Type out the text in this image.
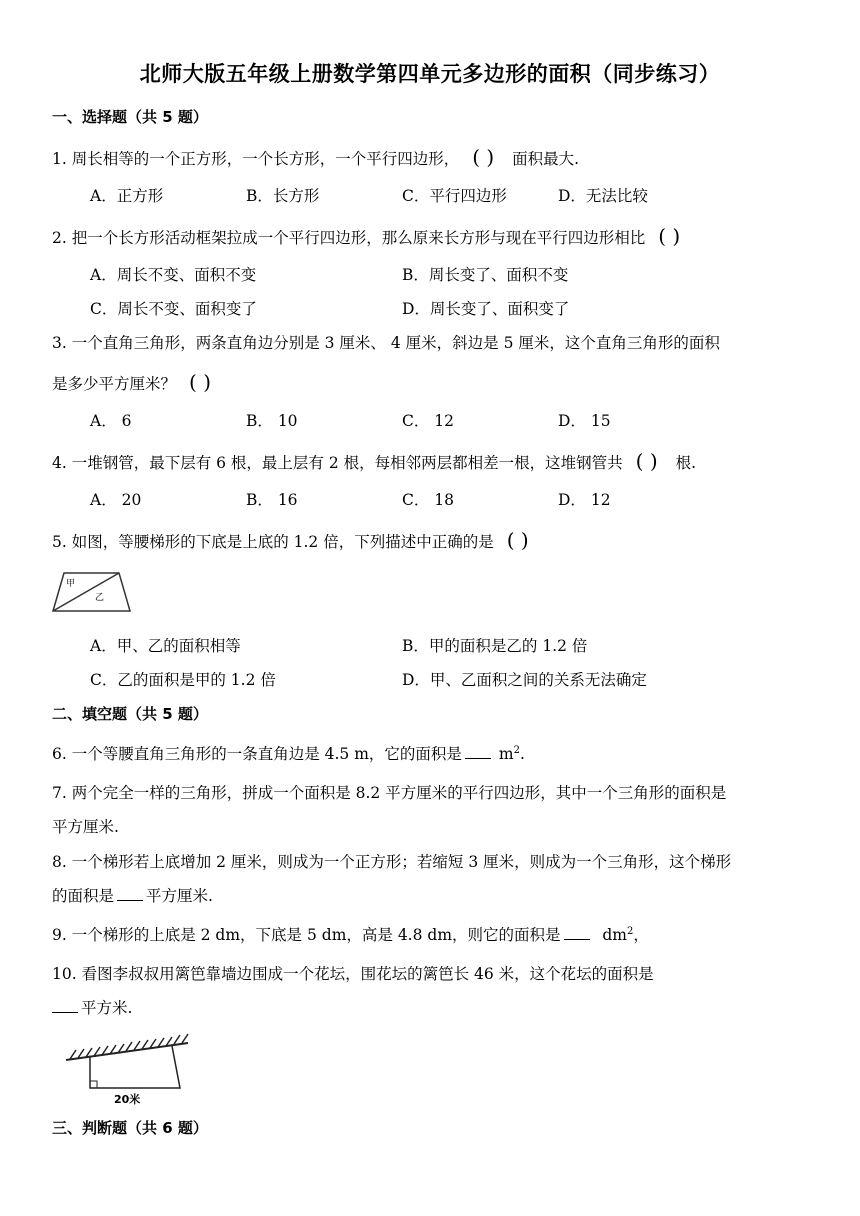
北师大版五年级上册数学第四单元多边形的面积（同步练习）
一、选择题（共 5 题）
1. 周长相等的一个正方形，一个长方形，一个平行四边形， ( ) 面积最大.
A．正方形	B．长方形	C．平行四边形	D．无法比较
2. 把一个长方形活动框架拉成一个平行四边形，那么原来长方形与现在平行四边形相比 ( )
A．周长不变、面积不变	B．周长变了、面积不变
C．周长不变、面积变了	D．周长变了、面积变了
3. 一个直角三角形，两条直角边分别是 3 厘米、 4 厘米，斜边是 5 厘米，这个直角三角形的面积
是多少平方厘米？ ( )
A． 6	B． 10	C． 12	D． 15
4. 一堆钢管，最下层有 6 根，最上层有 2 根，每相邻两层都相差一根，这堆钢管共 ( ) 根.
A． 20	B． 16	C． 18	D． 12
5. 如图，等腰梯形的下底是上底的 1.2 倍，下列描述中正确的是 ( )
甲
乙
A．甲、乙的面积相等	B．甲的面积是乙的 1.2 倍
C．乙的面积是甲的 1.2 倍	D．甲、乙面积之间的关系无法确定
二、填空题（共 5 题）
6. 一个等腰直角三角形的一条直角边是 4.5 m，它的面积是 $m^2$.
7. 两个完全一样的三角形，拼成一个面积是 8.2 平方厘米的平行四边形，其中一个三角形的面积是
平方厘米.
8. 一个梯形若上底增加 2 厘米，则成为一个正方形；若缩短 3 厘米，则成为一个三角形，这个梯形
的面积是 平方厘米.
9. 一个梯形的上底是 2 dm，下底是 5 dm，高是 4.8 dm，则它的面积是	$dm^2$，
10. 看图李叔叔用篱笆靠墙边围成一个花坛，围花坛的篱笆长 46 米，这个花坛的面积是
平方米.
20米
三、判断题（共 6 题）
